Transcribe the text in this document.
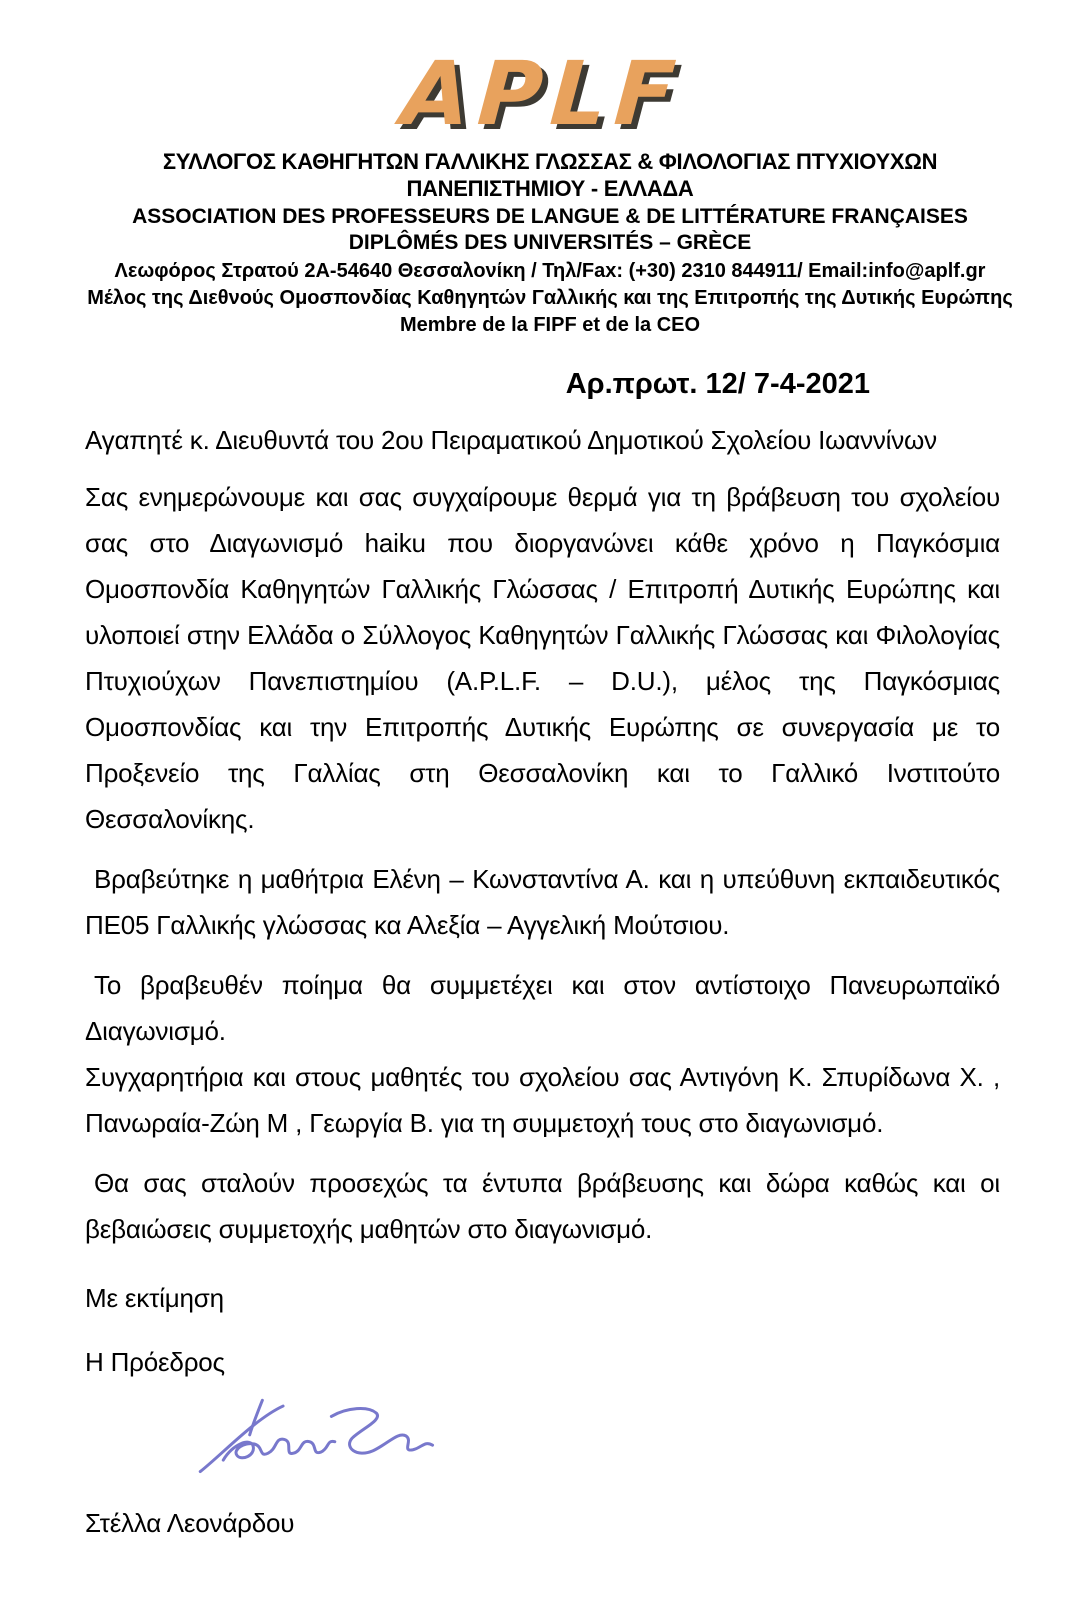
APLF
ΣΥΛΛΟΓΟΣ ΚΑΘΗΓΗΤΩΝ ΓΑΛΛΙΚΗΣ ΓΛΩΣΣΑΣ & ΦΙΛΟΛΟΓΙΑΣ ΠΤΥΧΙΟΥΧΩΝ ΠΑΝΕΠΙΣΤΗΜΙΟΥ - ΕΛΛΑΔΑ
ASSOCIATION DES PROFESSEURS DE LANGUE & DE LITTÉRATURE FRANÇAISES DIPLÔMÉS DES UNIVERSITÉS – GRÈCE
Λεωφόρος Στρατού 2Α-54640 Θεσσαλονίκη / Τηλ/Fax: (+30) 2310 844911/ Email:info@aplf.gr
Μέλος της Διεθνούς Ομοσπονδίας Καθηγητών Γαλλικής και της Επιτροπής της Δυτικής Ευρώπης
Membre de la FIPF et de la CEO
Αρ.πρωτ. 12/ 7-4-2021

Αγαπητέ κ. Διευθυντά του 2ου Πειραματικού Δημοτικού Σχολείου Ιωαννίνων

Σας ενημερώνουμε και σας συγχαίρουμε θερμά για τη βράβευση του σχολείου σας στο Διαγωνισμό haiku που διοργανώνει κάθε χρόνο η Παγκόσμια Ομοσπονδία Καθηγητών Γαλλικής Γλώσσας / Επιτροπή Δυτικής Ευρώπης και υλοποιεί στην Ελλάδα ο Σύλλογος Καθηγητών Γαλλικής Γλώσσας και Φιλολογίας Πτυχιούχων Πανεπιστημίου (A.P.L.F. – D.U.), μέλος της Παγκόσμιας Ομοσπονδίας και την Επιτροπής Δυτικής Ευρώπης σε συνεργασία με το Προξενείο της Γαλλίας στη Θεσσαλονίκη και το Γαλλικό Ινστιτούτο Θεσσαλονίκης.

Βραβεύτηκε η μαθήτρια Ελένη – Κωνσταντίνα Α. και η υπεύθυνη εκπαιδευτικός ΠΕ05 Γαλλικής γλώσσας κα Αλεξία – Αγγελική Μούτσιου.

Το βραβευθέν ποίημα θα συμμετέχει και στον αντίστοιχο Πανευρωπαϊκό Διαγωνισμό.

Συγχαρητήρια και στους μαθητές του σχολείου σας Αντιγόνη Κ. Σπυρίδωνα Χ. , Πανωραία-Ζώη Μ , Γεωργία Β. για τη συμμετοχή τους στο διαγωνισμό.

Θα σας σταλούν προσεχώς τα έντυπα βράβευσης και δώρα καθώς και οι βεβαιώσεις συμμετοχής μαθητών στο διαγωνισμό.

Με εκτίμηση

Η Πρόεδρος

Στέλλα Λεονάρδου
